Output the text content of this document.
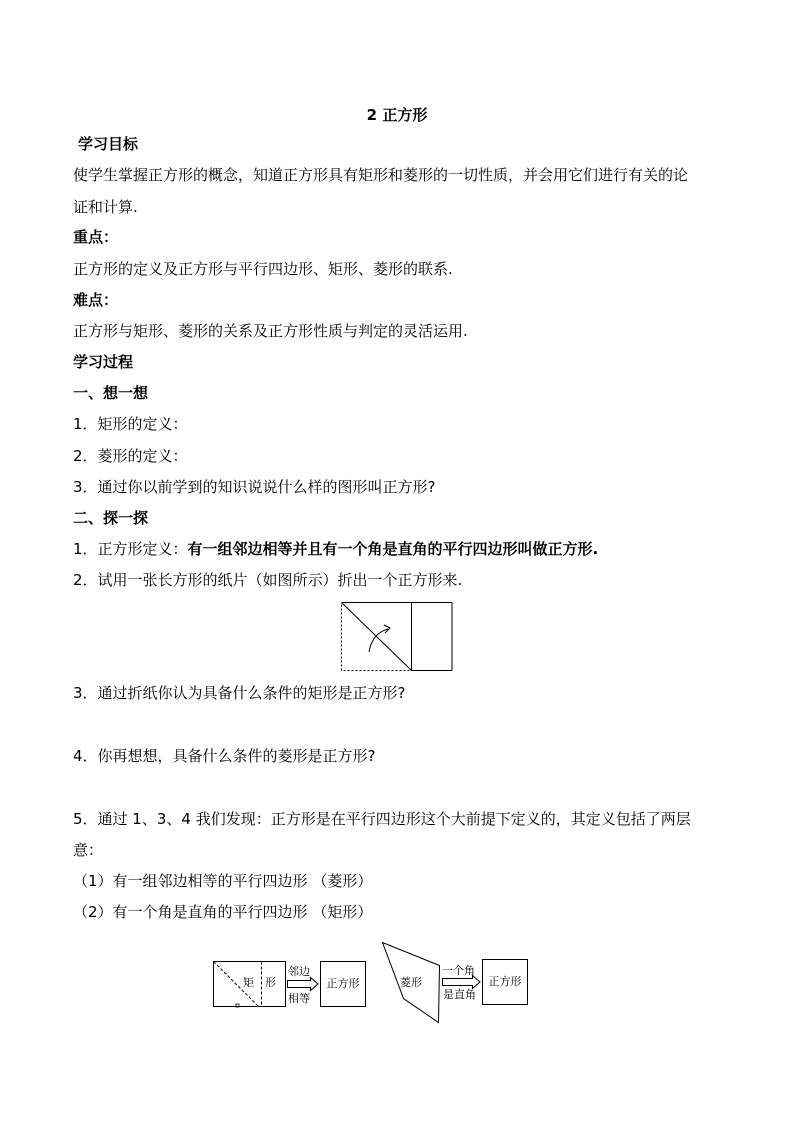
2 正方形
学习目标
使学生掌握正方形的概念，知道正方形具有矩形和菱形的一切性质，并会用它们进行有关的论
证和计算.
重点：
正方形的定义及正方形与平行四边形、矩形、菱形的联系.
难点：
正方形与矩形、菱形的关系及正方形性质与判定的灵活运用.
学习过程
一、想一想
1．矩形的定义：
2．菱形的定义：
3．通过你以前学到的知识说说什么样的图形叫正方形?
二、探一探
1．正方形定义：有一组邻边相等并且有一个角是直角的平行四边形叫做正方形.
2．试用一张长方形的纸片（如图所示）折出一个正方形来.
3．通过折纸你认为具备什么条件的矩形是正方形?
4．你再想想，具备什么条件的菱形是正方形?
5．通过 1、3、4 我们发现：正方形是在平行四边形这个大前提下定义的，其定义包括了两层
意：
（1）有一组邻边相等的平行四边形 （菱形）
（2）有一个角是直角的平行四边形 （矩形）
矩 形
邻边
相等
正方形	菱形
一个角
是直角
正方形
